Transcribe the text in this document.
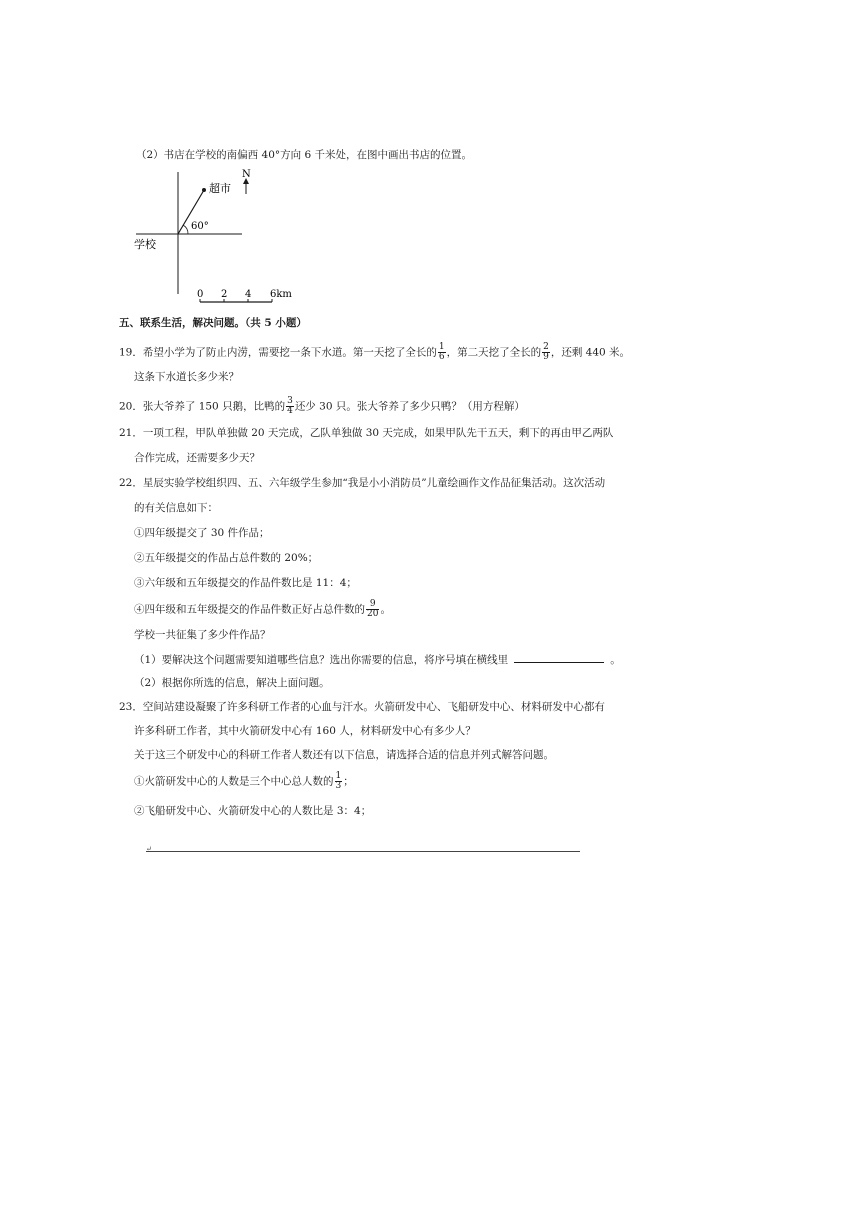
（2）书店在学校的南偏西 40°方向 6 千米处，在图中画出书店的位置。
超市
N
60°
学校
0 2 4 6km
五、联系生活，解决问题。（共 5 小题）
19．希望小学为了防止内涝，需要挖一条下水道。第一天挖了全长的 $\frac{1}{6}$ ，第二天挖了全长的 $\frac{2}{9}$ ，还剩 440 米。
这条下水道长多少米？
20．张大爷养了 150 只鹅，比鸭的 $\frac{3}{4}$ 还少 30 只。张大爷养了多少只鸭？（用方程解）
21．一项工程，甲队单独做 20 天完成，乙队单独做 30 天完成，如果甲队先干五天，剩下的再由甲乙两队
合作完成，还需要多少天？
22．星辰实验学校组织四、五、六年级学生参加“我是小小消防员”儿童绘画作文作品征集活动。这次活动
的有关信息如下：
①四年级提交了 30 件作品；
②五年级提交的作品占总件数的 20%；
③六年级和五年级提交的作品件数比是 11：4；
④四年级和五年级提交的作品件数正好占总件数的 $\frac{9}{20}$ 。
学校一共征集了多少件作品？
（1）要解决这个问题需要知道哪些信息？选出你需要的信息，将序号填在横线里	。
（2）根据你所选的信息，解决上面问题。
23．空间站建设凝聚了许多科研工作者的心血与汗水。火箭研发中心、飞船研发中心、材料研发中心都有
许多科研工作者，其中火箭研发中心有 160 人，材料研发中心有多少人？
关于这三个研发中心的科研工作者人数还有以下信息，请选择合适的信息并列式解答问题。
①火箭研发中心的人数是三个中心总人数的 $\frac{1}{3}$ ；
②飞船研发中心、火箭研发中心的人数比是 3：4；
↵
